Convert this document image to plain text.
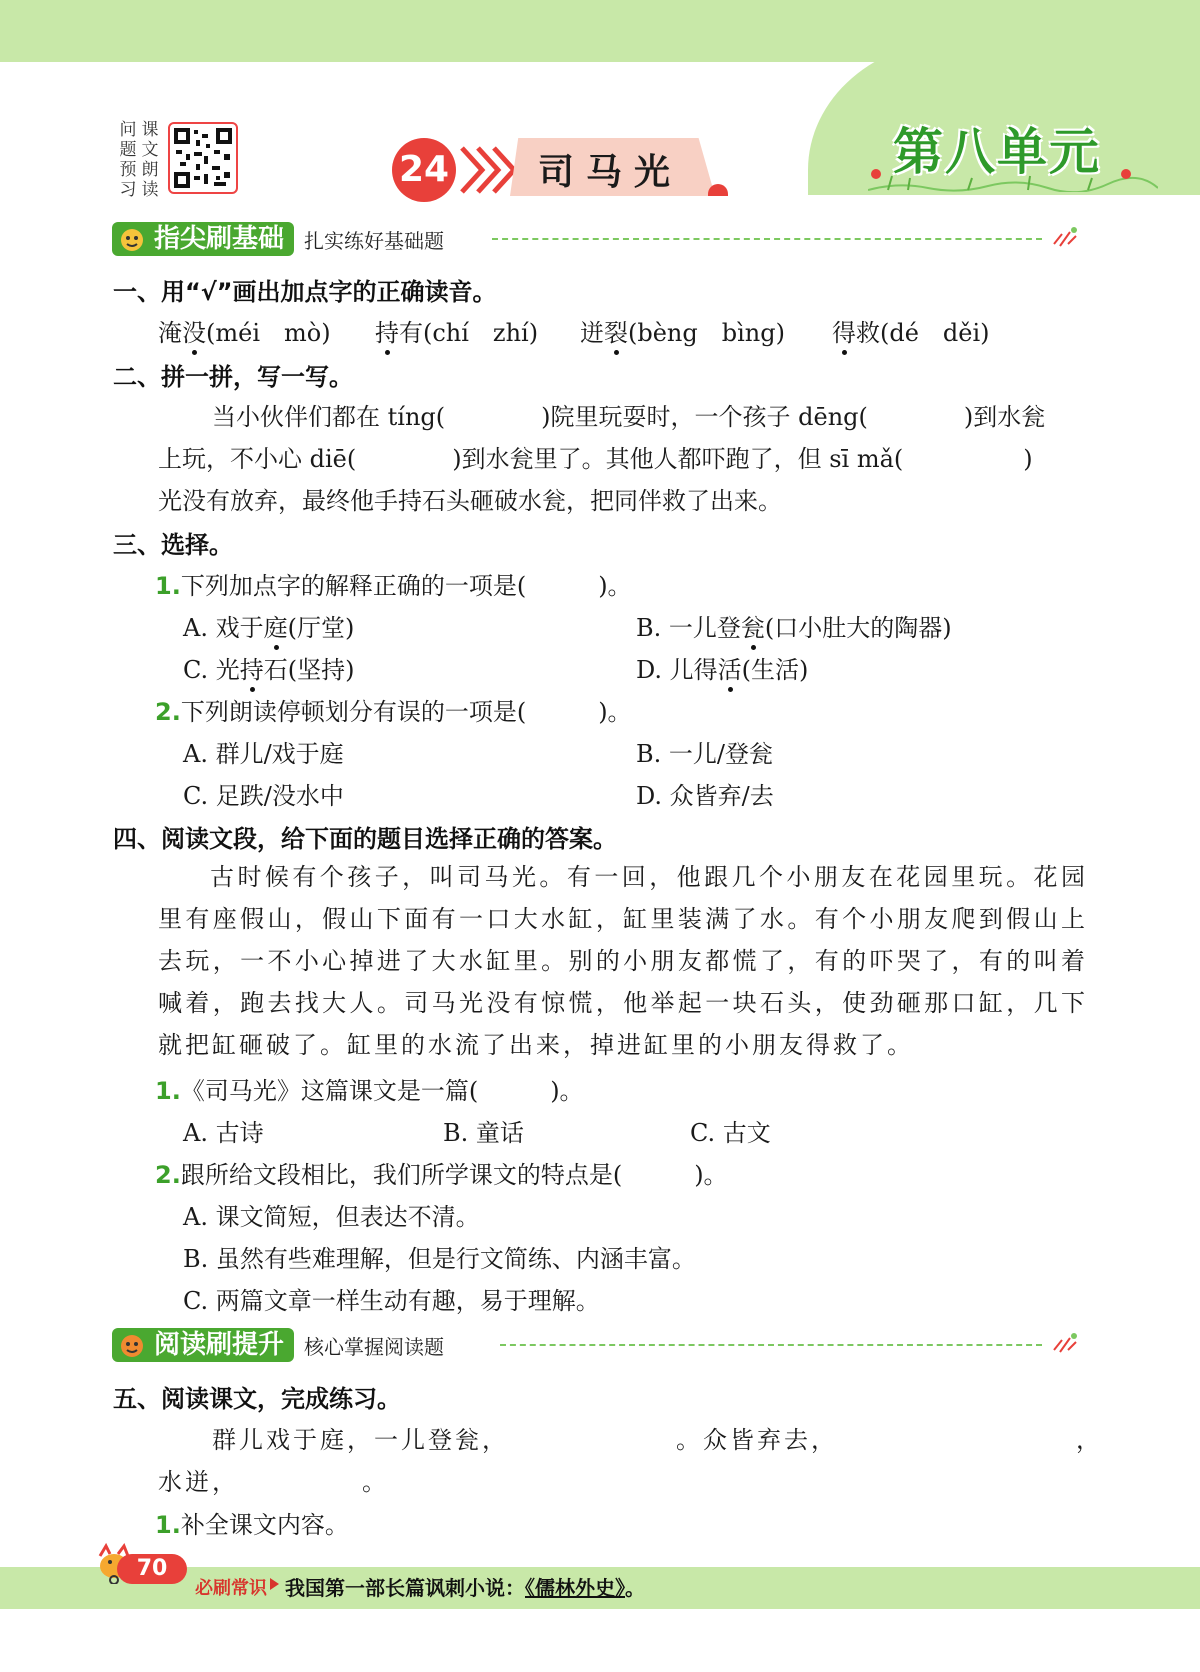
第八单元
问题预习
课文朗读	24 司马光
指尖刷基础	扎实练好基础题
一、用“√”画出加点字的正确读音。
淹没(méi　mò) 持有(chí　zhí) 迸裂(bèng　bìng) 得救(dé　děi)
二、拼一拼，写一写。
当小伙伴们都在 tíng(　　　　)院里玩耍时，一个孩子 dēng(　　　　)到水瓮
上玩，不小心 diē(　　　　)到水瓮里了。其他人都吓跑了，但 sī mǎ(　　　　　)
光没有放弃，最终他手持石头砸破水瓮，把同伴救了出来。
三、选择。
1.下列加点字的解释正确的一项是(　　　)。
A. 戏于庭(厅堂)	B. 一儿登瓮(口小肚大的陶器)
C. 光持石(坚持)	D. 儿得活(生活)
2.下列朗读停顿划分有误的一项是(　　　)。
A. 群儿/戏于庭	B. 一儿/登瓮
C. 足跌/没水中	D. 众皆弃/去
四、阅读文段，给下面的题目选择正确的答案。
古时候有个孩子，叫司马光。有一回，他跟几个小朋友在花园里玩。花园里有座假山，假山下面有一口大水缸，缸里装满了水。有个小朋友爬到假山上去玩，一不小心掉进了大水缸里。别的小朋友都慌了，有的吓哭了，有的叫着喊着，跑去找大人。司马光没有惊慌，他举起一块石头，使劲砸那口缸，几下就把缸砸破了。缸里的水流了出来，掉进缸里的小朋友得救了。
1.《司马光》这篇课文是一篇(　　　)。
A. 古诗	B. 童话	C. 古文
2.跟所给文段相比，我们所学课文的特点是(　　　)。
A. 课文简短，但表达不清。
B. 虽然有些难理解，但是行文简练、内涵丰富。
C. 两篇文章一样生动有趣，易于理解。
阅读刷提升	核心掌握阅读题
五、阅读课文，完成练习。
群儿戏于庭，一儿登瓮，	。众皆弃去，	，
水迸，	。
1.补全课文内容。
70
必刷常识 我国第一部长篇讽刺小说：《儒林外史》。
